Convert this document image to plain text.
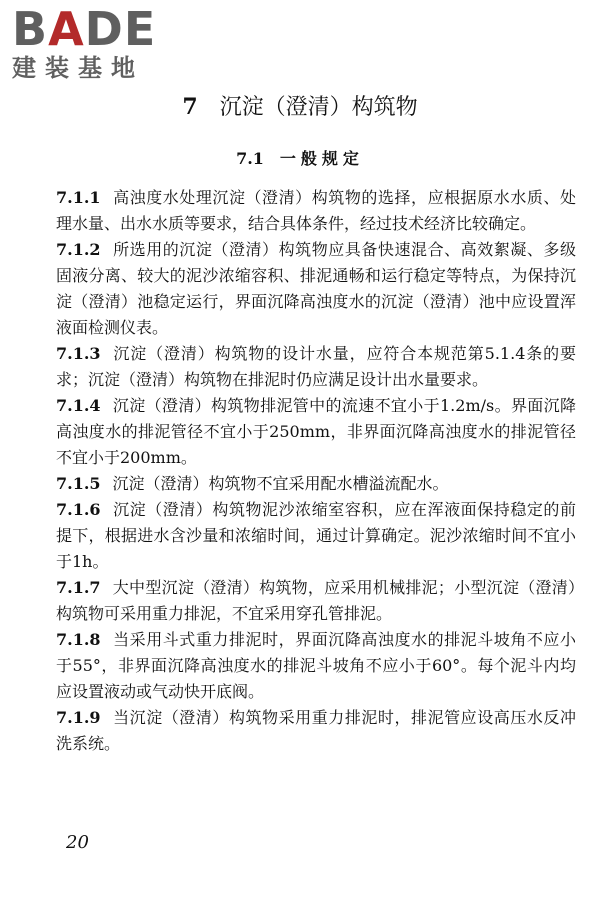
BADE
建装基地
7 沉淀（澄清）构筑物
7.1 一般规定

7.1.1 高浊度水处理沉淀（澄清）构筑物的选择，应根据原水水质、处理水量、出水水质等要求，结合具体条件，经过技术经济比较确定。

7.1.2 所选用的沉淀（澄清）构筑物应具备快速混合、高效絮凝、多级固液分离、较大的泥沙浓缩容积、排泥通畅和运行稳定等特点，为保持沉淀（澄清）池稳定运行，界面沉降高浊度水的沉淀（澄清）池中应设置浑液面检测仪表。

7.1.3 沉淀（澄清）构筑物的设计水量，应符合本规范第5.1.4条的要求；沉淀（澄清）构筑物在排泥时仍应满足设计出水量要求。

7.1.4 沉淀（澄清）构筑物排泥管中的流速不宜小于1.2m/s。界面沉降高浊度水的排泥管径不宜小于250mm，非界面沉降高浊度水的排泥管径不宜小于200mm。

7.1.5 沉淀（澄清）构筑物不宜采用配水槽溢流配水。

7.1.6 沉淀（澄清）构筑物泥沙浓缩室容积，应在浑液面保持稳定的前提下，根据进水含沙量和浓缩时间，通过计算确定。泥沙浓缩时间不宜小于1h。

7.1.7 大中型沉淀（澄清）构筑物，应采用机械排泥；小型沉淀（澄清）构筑物可采用重力排泥，不宜采用穿孔管排泥。

7.1.8 当采用斗式重力排泥时，界面沉降高浊度水的排泥斗坡角不应小于55°，非界面沉降高浊度水的排泥斗坡角不应小于60°。每个泥斗内均应设置液动或气动快开底阀。

7.1.9 当沉淀（澄清）构筑物采用重力排泥时，排泥管应设高压水反冲洗系统。

20
